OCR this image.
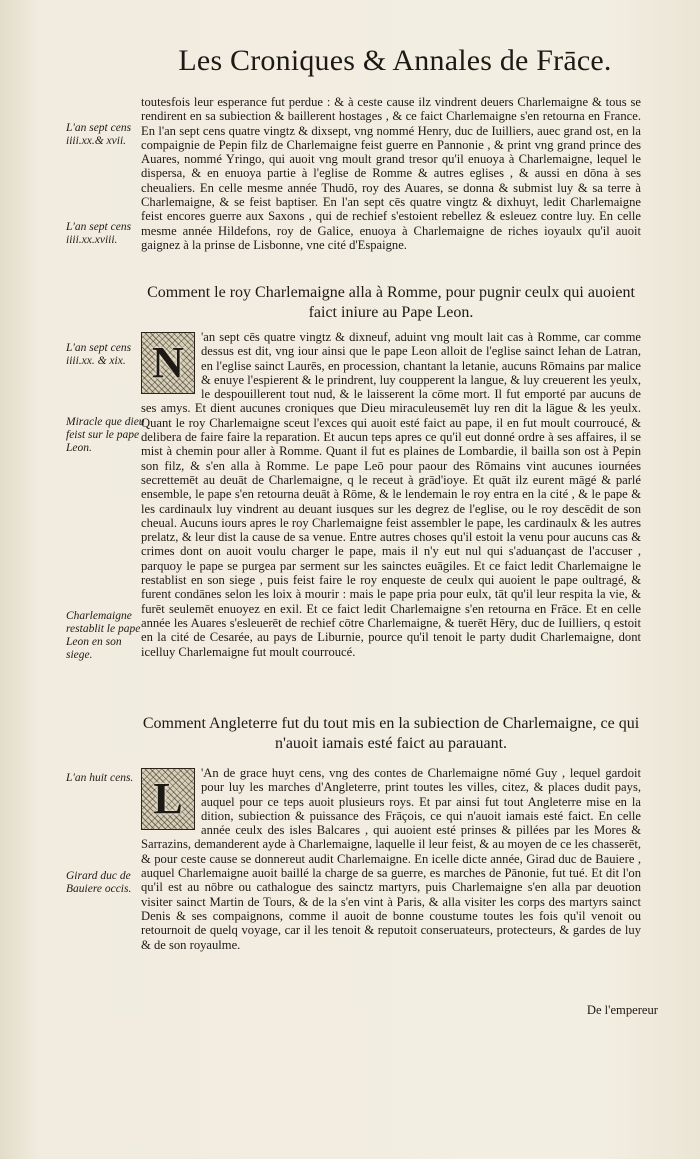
Les Croniques & Annales de Frāce.
L'an sept cens iiii.xx.& xvii.
L'an sept cens iiii.xx.xviii.
L'an sept cens iiii.xx. & xix.
Miracle que dieu feist sur le pape Leon.
Charlemaigne restablit le pape Leon en son siege.
L'an huit cens.
Girard duc de Bauiere occis.

toutesfois leur esperance fut perdue : & à ceste cause ilz vindrent deuers Charlemaigne & tous se rendirent en sa subiection & baillerent hostages , & ce faict Charlemaigne s'en retourna en France. En l'an sept cens quatre vingtz & dixsept, vng nommé Henry, duc de Iuilliers, auec grand ost, en la compaignie de Pepin filz de Charlemaigne feist guerre en Pannonie , & print vng grand prince des Auares, nommé Yringo, qui auoit vng moult grand tresor qu'il enuoya à Charlemaigne, lequel le dispersa, & en enuoya partie à l'eglise de Romme & autres eglises , & aussi en dōna à ses cheualiers. En celle mesme année Thudō, roy des Auares, se donna & submist luy & sa terre à Charlemaigne, & se feist baptiser. En l'an sept cēs quatre vingtz & dixhuyt, ledit Charlemaigne feist encores guerre aux Saxons , qui de rechief s'estoient rebellez & esleuez contre luy. En celle mesme année Hildefons, roy de Galice, enuoya à Charlemaigne de riches ioyaulx qu'il auoit gaignez à la prinse de Lisbonne, vne cité d'Espaigne.

Comment le roy Charlemaigne alla à Romme, pour pugnir ceulx qui auoient faict iniure au Pape Leon.
N

'an sept cēs quatre vingtz & dixneuf, aduint vng moult lait cas à Romme, car comme dessus est dit, vng iour ainsi que le pape Leon alloit de l'eglise sainct Iehan de Latran, en l'eglise sainct Laurēs, en procession, chantant la letanie, aucuns Rōmains par malice & enuye l'espierent & le prindrent, luy coupperent la langue, & luy creuerent les yeulx, le despouillerent tout nud, & le laisserent la cōme mort. Il fut emporté par aucuns de ses amys. Et dient aucunes croniques que Dieu miraculeusemēt luy ren dit la lāgue & les yeulx. Quant le roy Charlemaigne sceut l'exces qui auoit esté faict au pape, il en fut moult courroucé, & delibera de faire faire la reparation. Et aucun teps apres ce qu'il eut donné ordre à ses affaires, il se mist à chemin pour aller à Romme. Quant il fut es plaines de Lombardie, il bailla son ost à Pepin son filz, & s'en alla à Romme. Le pape Leō pour paour des Rōmains vint aucunes iournées secrettemēt au deuāt de Charlemaigne, q le receut à grād'ioye. Et quāt ilz eurent māgé & parlé ensemble, le pape s'en retourna deuāt à Rōme, & le lendemain le roy entra en la cité , & le pape & les cardinaulx luy vindrent au deuant iusques sur les degrez de l'eglise, ou le roy descēdit de son cheual. Aucuns iours apres le roy Charlemaigne feist assembler le pape, les cardinaulx & les autres prelatz, & leur dist la cause de sa venue. Entre autres choses qu'il estoit la venu pour aucuns cas & crimes dont on auoit voulu charger le pape, mais il n'y eut nul qui s'aduançast de l'accuser , parquoy le pape se purgea par serment sur les sainctes euāgiles. Et ce faict ledit Charlemaigne le restablist en son siege , puis feist faire le roy enqueste de ceulx qui auoient le pape oultragé, & furent condānes selon les loix à mourir : mais le pape pria pour eulx, tāt qu'il leur respita la vie, & furēt seulemēt enuoyez en exil. Et ce faict ledit Charlemaigne s'en retourna en Frāce. Et en celle année les Auares s'esleuerēt de rechief cōtre Charlemaigne, & tuerēt Hēry, duc de Iuilliers, q estoit en la cité de Cesarée, au pays de Liburnie, pource qu'il tenoit le party dudit Charlemaigne, dont icelluy Charlemaigne fut moult courroucé.

Comment Angleterre fut du tout mis en la subiection de Charlemaigne, ce qui n'auoit iamais esté faict au parauant.
L

'An de grace huyt cens, vng des contes de Charlemaigne nōmé Guy , lequel gardoit pour luy les marches d'Angleterre, print toutes les villes, citez, & places dudit pays, auquel pour ce teps auoit plusieurs roys. Et par ainsi fut tout Angleterre mise en la dition, subiection & puissance des Frāçois, ce qui n'auoit iamais esté faict. En celle année ceulx des isles Balcares , qui auoient esté prinses & pillées par les Mores & Sarrazins, demanderent ayde à Charlemaigne, laquelle il leur feist, & au moyen de ce les chasserēt, & pour ceste cause se donnereut audit Charlemaigne. En icelle dicte année, Girad duc de Bauiere , auquel Charlemaigne auoit baillé la charge de sa guerre, es marches de Pānonie, fut tué. Et dit l'on qu'il est au nōbre ou cathalogue des sainctz martyrs, puis Charlemaigne s'en alla par deuotion visiter sainct Martin de Tours, & de la s'en vint à Paris, & alla visiter les corps des martyrs sainct Denis & ses compaignons, comme il auoit de bonne coustume toutes les fois qu'il venoit ou retournoit de quelq voyage, car il les tenoit & reputoit conseruateurs, protecteurs, & gardes de luy & de son royaulme.

De l'empereur
